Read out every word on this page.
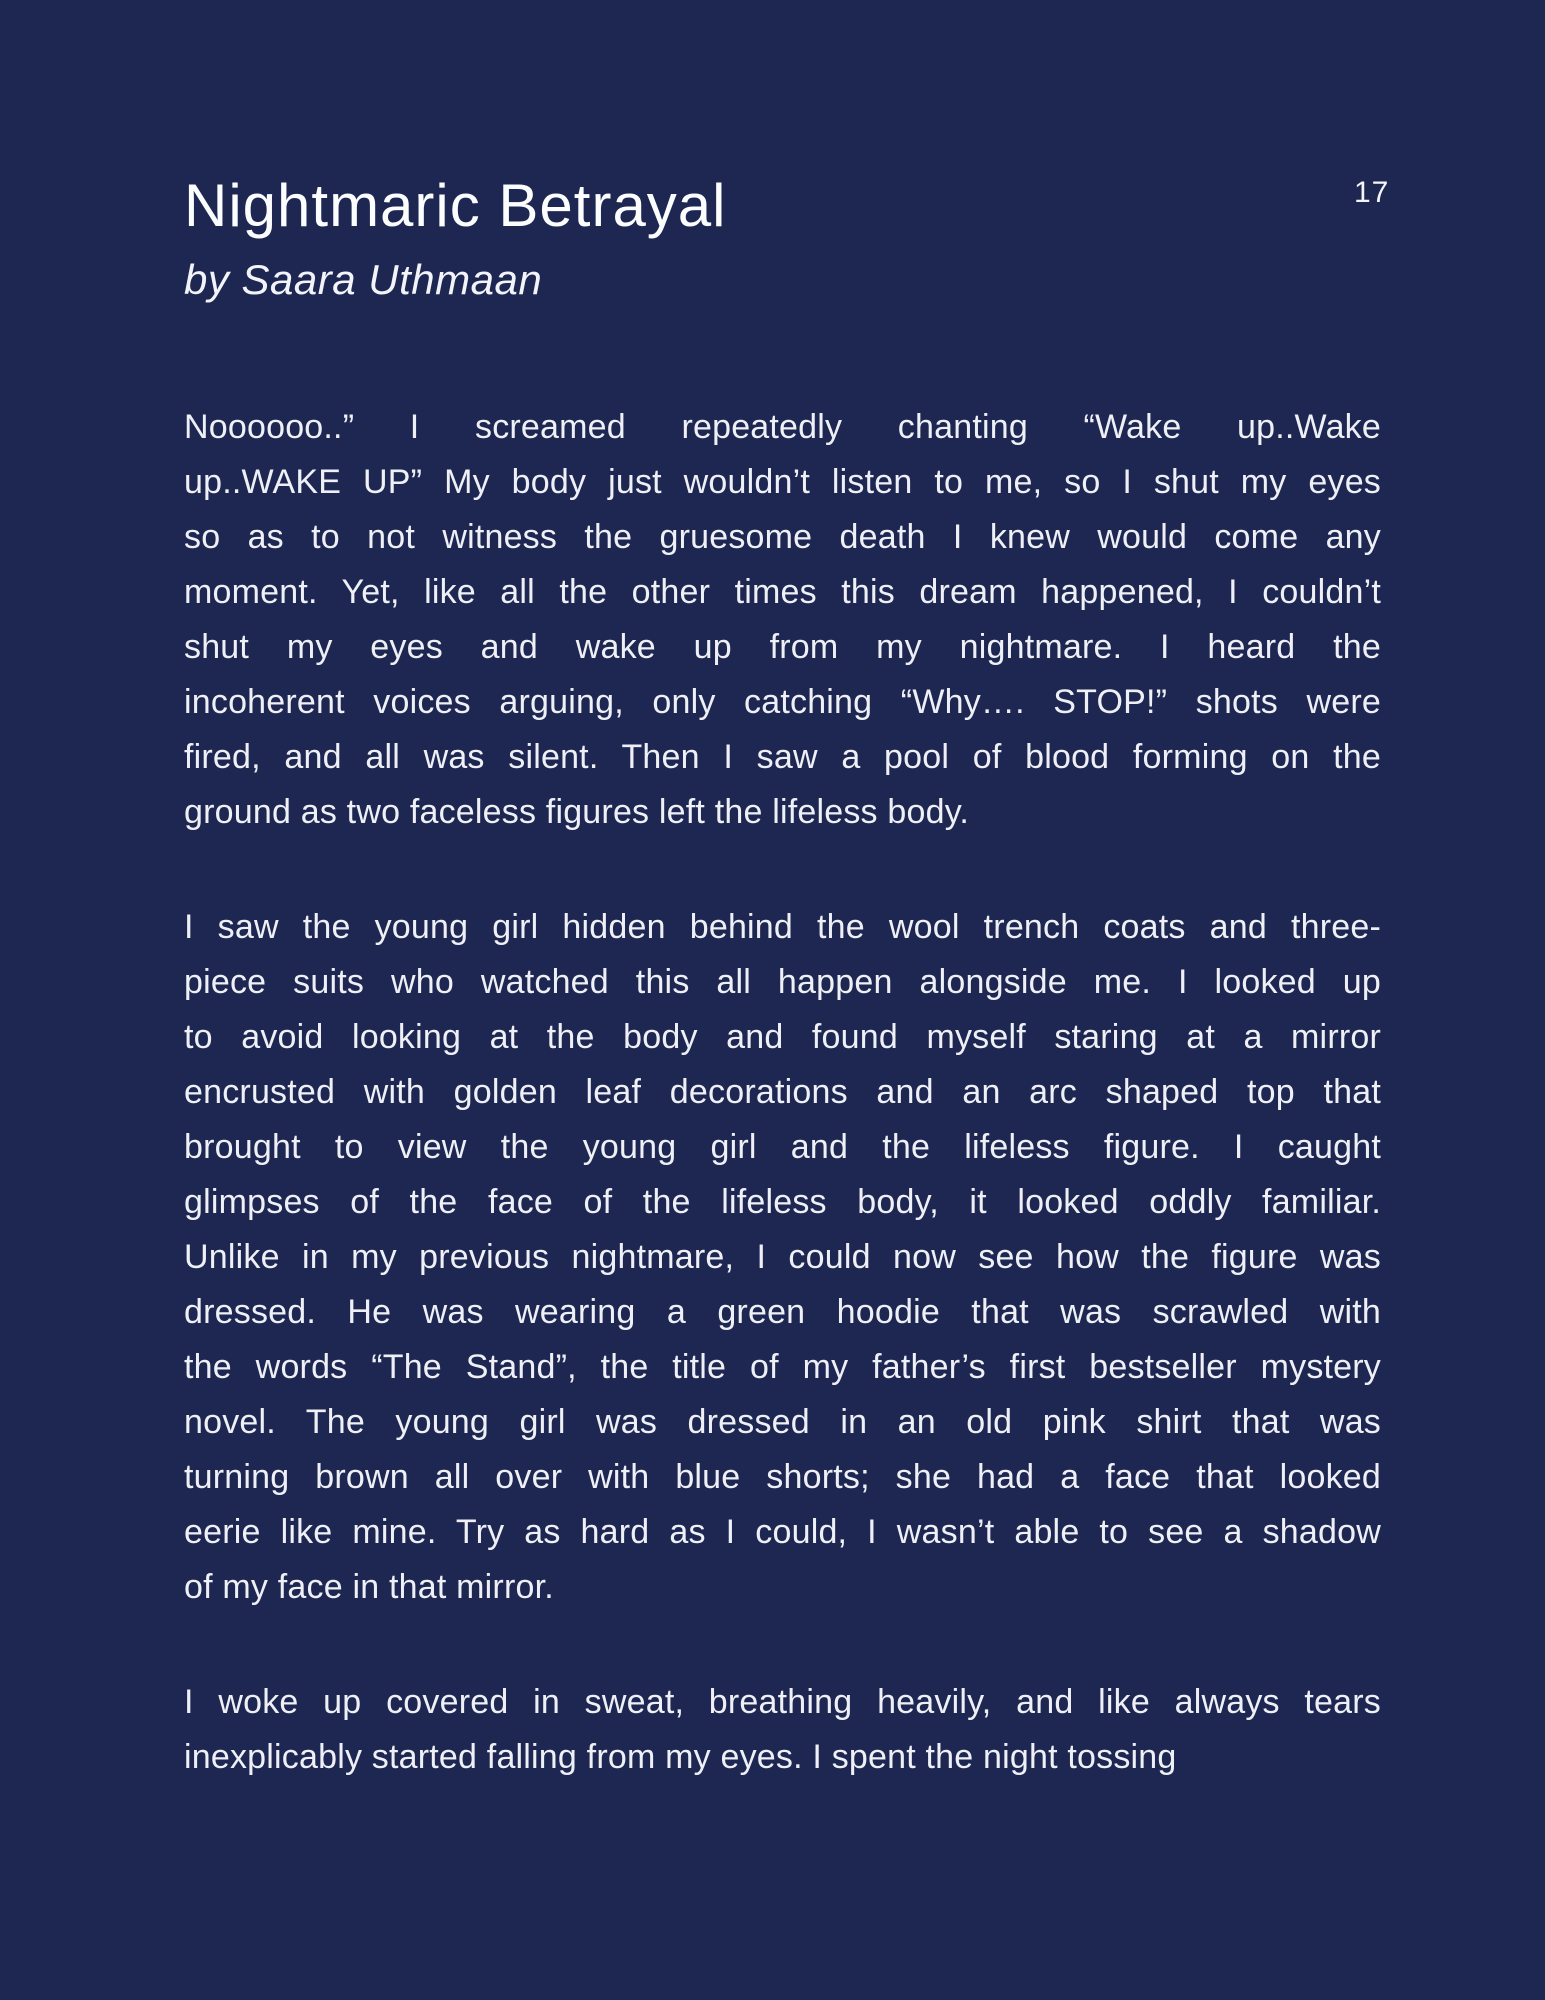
17
Nightmaric Betrayal
by Saara Uthmaan
Noooooo..” I screamed repeatedly chanting “Wake up..Wake
up..WAKE UP” My body just wouldn’t listen to me, so I shut my eyes
so as to not witness the gruesome death I knew would come any
moment. Yet, like all the other times this dream happened, I couldn’t
shut my eyes and wake up from my nightmare. I heard the
incoherent voices arguing, only catching “Why…. STOP!” shots were
fired, and all was silent. Then I saw a pool of blood forming on the
ground as two faceless figures left the lifeless body.
I saw the young girl hidden behind the wool trench coats and three-
piece suits who watched this all happen alongside me. I looked up
to avoid looking at the body and found myself staring at a mirror
encrusted with golden leaf decorations and an arc shaped top that
brought to view the young girl and the lifeless figure. I caught
glimpses of the face of the lifeless body, it looked oddly familiar.
Unlike in my previous nightmare, I could now see how the figure was
dressed. He was wearing a green hoodie that was scrawled with
the words “The Stand”, the title of my father’s first bestseller mystery
novel. The young girl was dressed in an old pink shirt that was
turning brown all over with blue shorts; she had a face that looked
eerie like mine. Try as hard as I could, I wasn’t able to see a shadow
of my face in that mirror.
I woke up covered in sweat, breathing heavily, and like always tears
inexplicably started falling from my eyes. I spent the night tossing
